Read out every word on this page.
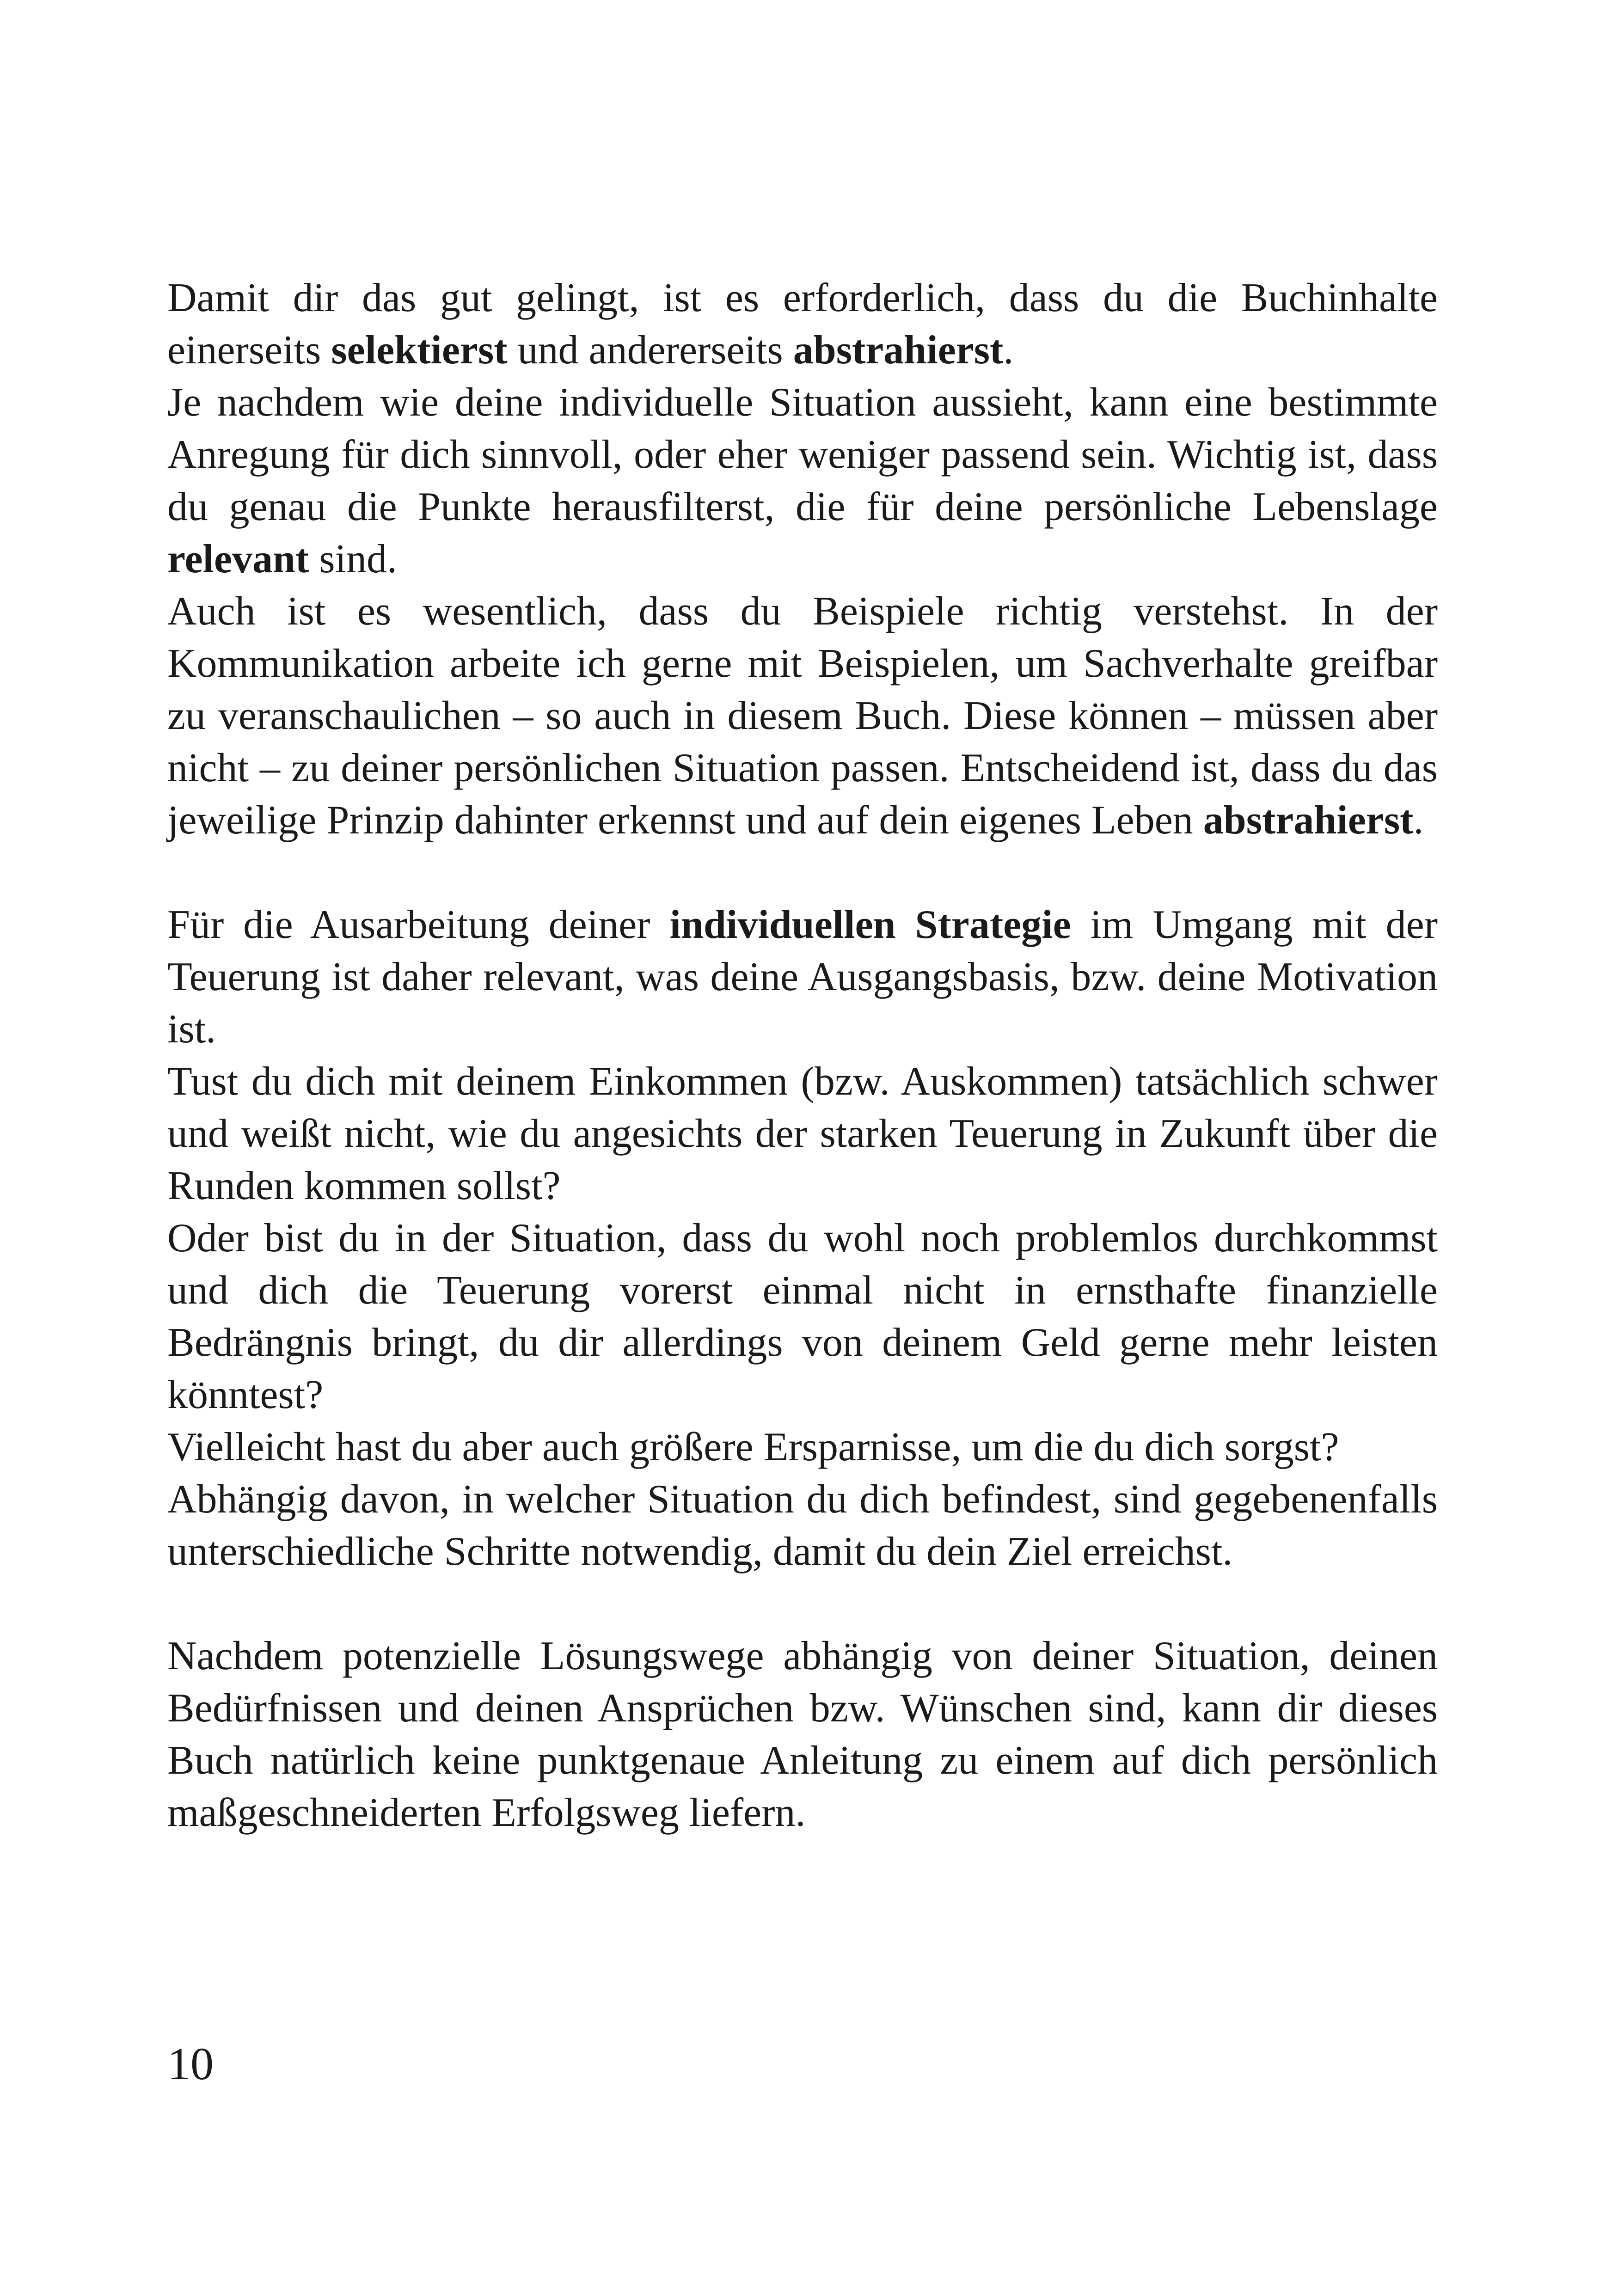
Damit dir das gut gelingt, ist es erforderlich, dass du die Buchinhalte einerseits selektierst und andererseits abstrahierst.

Je nachdem wie deine individuelle Situation aussieht, kann eine bestimmte Anregung für dich sinnvoll, oder eher weniger passend sein. Wichtig ist, dass du genau die Punkte herausfilterst, die für deine persönliche Lebenslage relevant sind.

Auch ist es wesentlich, dass du Beispiele richtig verstehst. In der Kommunikation arbeite ich gerne mit Beispielen, um Sachverhalte greifbar zu veranschaulichen – so auch in diesem Buch. Diese können – müssen aber nicht – zu deiner persönlichen Situation passen. Entscheidend ist, dass du das jeweilige Prinzip dahinter erkennst und auf dein eigenes Leben abstrahierst.

Für die Ausarbeitung deiner individuellen Strategie im Umgang mit der Teuerung ist daher relevant, was deine Ausgangsbasis, bzw. deine Motivation ist.

Tust du dich mit deinem Einkommen (bzw. Auskommen) tatsächlich schwer und weißt nicht, wie du angesichts der starken Teuerung in Zukunft über die Runden kommen sollst?

Oder bist du in der Situation, dass du wohl noch problemlos durchkommst und dich die Teuerung vorerst einmal nicht in ernsthafte finanzielle Bedrängnis bringt, du dir allerdings von deinem Geld gerne mehr leisten könntest?

Vielleicht hast du aber auch größere Ersparnisse, um die du dich sorgst?

Abhängig davon, in welcher Situation du dich befindest, sind gegebenenfalls unterschiedliche Schritte notwendig, damit du dein Ziel erreichst.

Nachdem potenzielle Lösungswege abhängig von deiner Situation, deinen Bedürfnissen und deinen Ansprüchen bzw. Wünschen sind, kann dir dieses Buch natürlich keine punktgenaue Anleitung zu einem auf dich persönlich maßgeschneiderten Erfolgsweg liefern.

10
